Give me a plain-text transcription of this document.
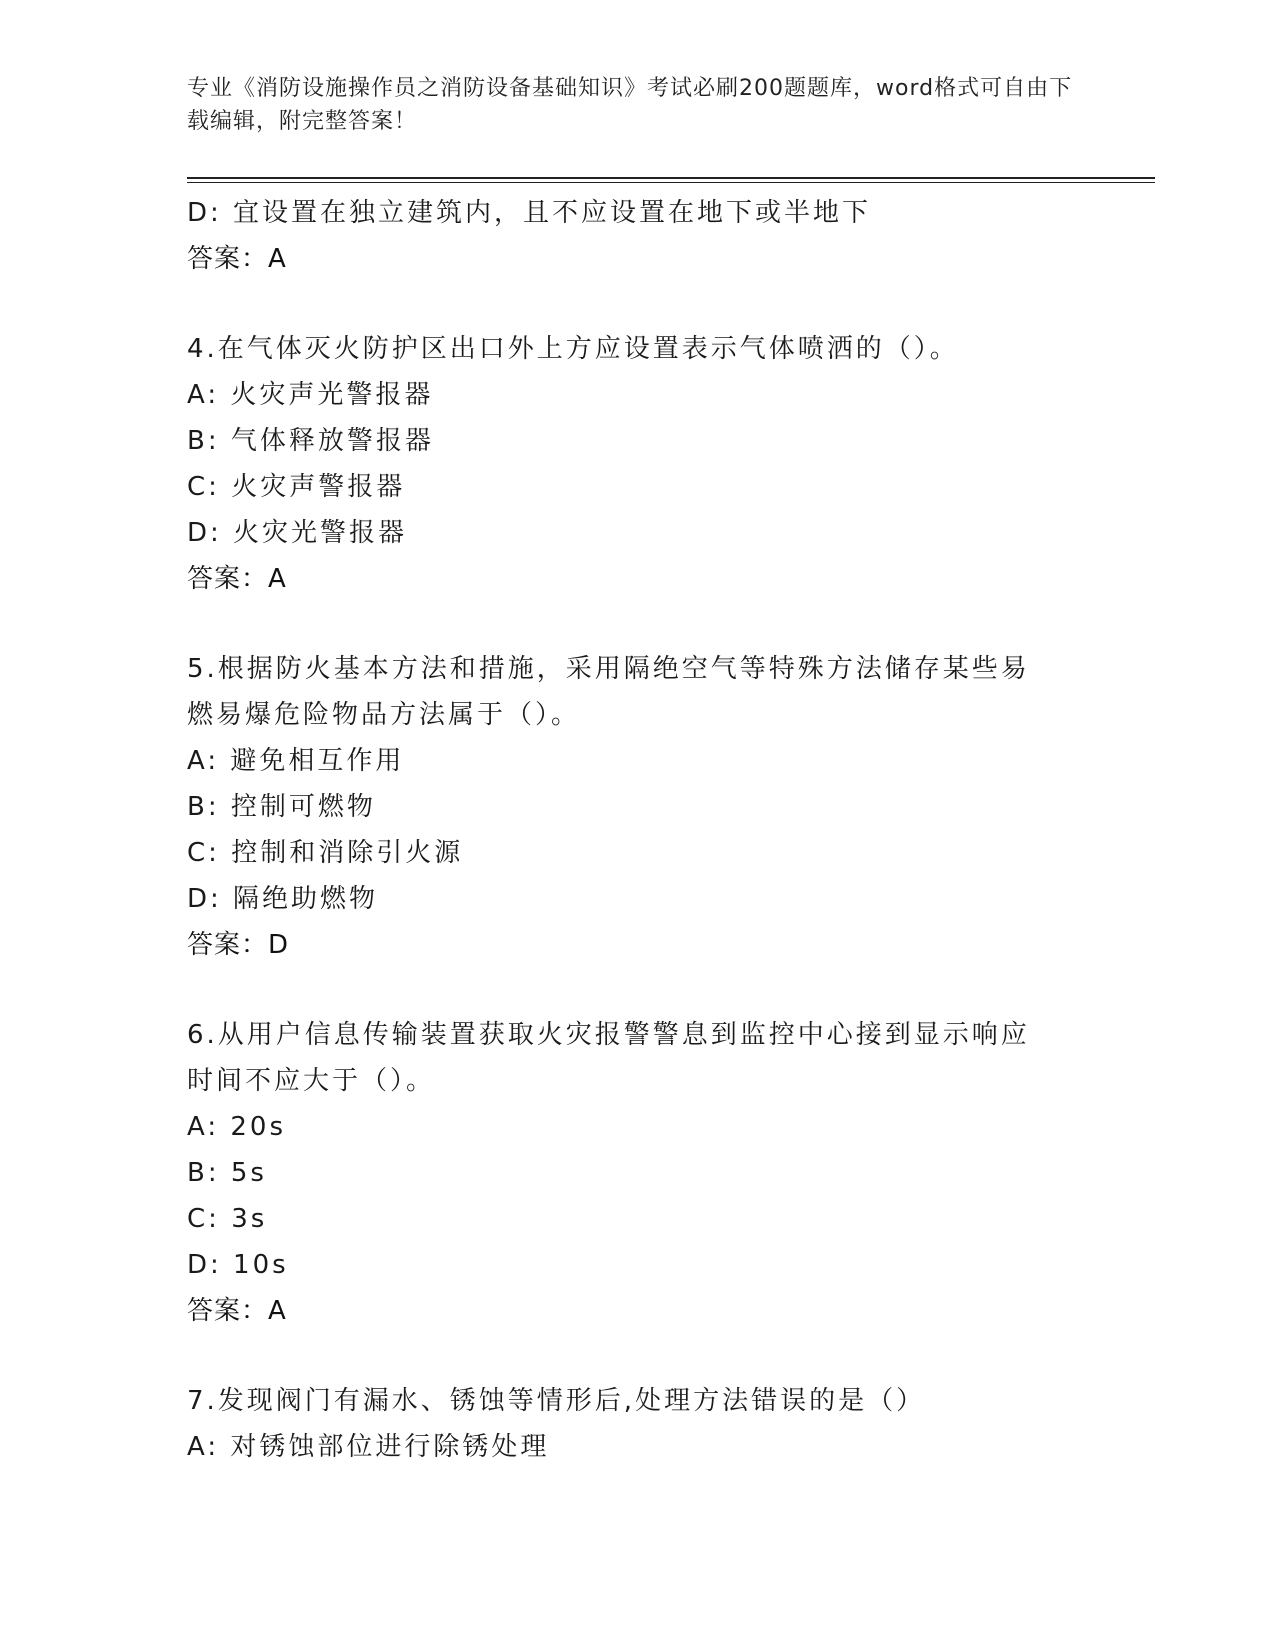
专业《消防设施操作员之消防设备基础知识》考试必刷200题题库，word格式可自由下载编辑，附完整答案！
D: 宜设置在独立建筑内，且不应设置在地下或半地下
答案：A
4.在气体灭火防护区出口外上方应设置表示气体喷洒的（）。
A: 火灾声光警报器
B: 气体释放警报器
C: 火灾声警报器
D: 火灾光警报器
答案：A
5.根据防火基本方法和措施，采用隔绝空气等特殊方法储存某些易燃易爆危险物品方法属于（）。
A: 避免相互作用
B: 控制可燃物
C: 控制和消除引火源
D: 隔绝助燃物
答案：D
6.从用户信息传输装置获取火灾报警警息到监控中心接到显示响应时间不应大于（）。
A: 20s
B: 5s
C: 3s
D: 10s
答案：A
7.发现阀门有漏水、锈蚀等情形后,处理方法错误的是（）
A: 对锈蚀部位进行除锈处理
